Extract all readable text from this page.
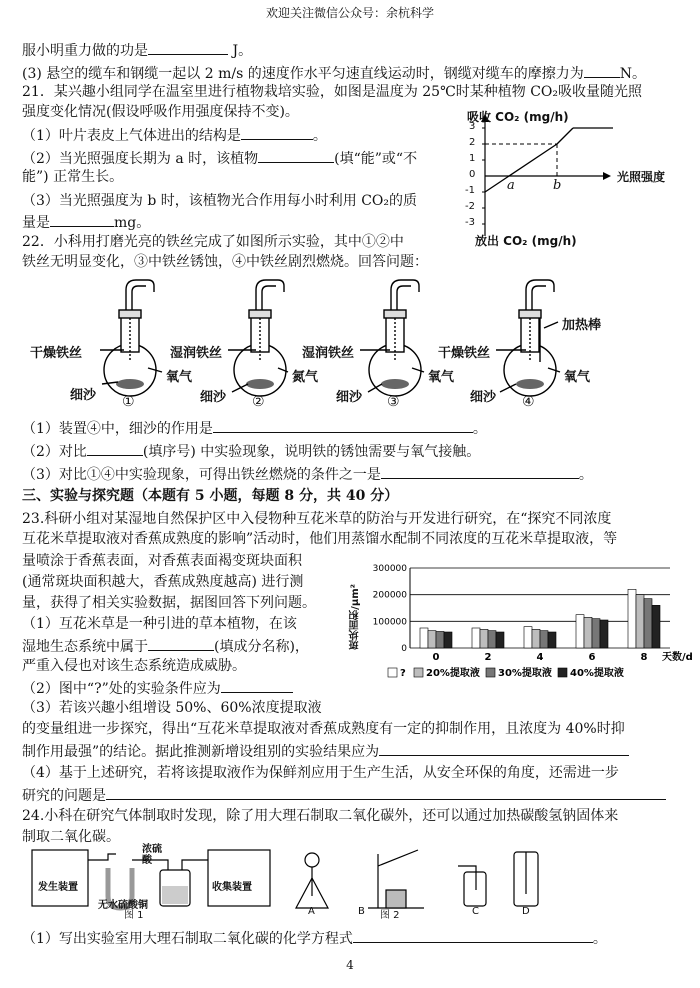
欢迎关注微信公众号：余杭科学
服小明重力做的功是	J。
(3) 悬空的缆车和钢缆一起以 2 m/s 的速度作水平匀速直线运动时，钢缆对缆车的摩擦力为	N。
21．某兴趣小组同学在温室里进行植物栽培实验，如图是温度为 25℃时某种植物 CO₂吸收量随光照
强度变化情况(假设呼吸作用强度保持不变)。
（1）叶片表皮上气体进出的结构是	。
（2）当光照强度长期为 a 时，该植物	(填“能”或“不
能”) 正常生长。
（3）当光照强度为 b 时，该植物光合作用每小时利用 CO₂的质
量是	mg。
吸收 CO₂ (mg/h)
放出 CO₂ (mg/h)
光照强度
3
2
1
0
-1
-2
-3
a	b
22．小科用打磨光亮的铁丝完成了如图所示实验，其中①②中
铁丝无明显变化，③中铁丝锈蚀，④中铁丝剧烈燃烧。回答问题：
干燥铁丝	湿润铁丝	湿润铁丝	干燥铁丝
加热棒
氧气	氮气	氧气	氧气
细沙	细沙	细沙	细沙
①	②	③	④
（1）装置④中，细沙的作用是	。
（2）对比	(填序号) 中实验现象，说明铁的锈蚀需要与氧气接触。
（3）对比①④中实验现象，可得出铁丝燃烧的条件之一是	。
三、实验与探究题（本题有 5 小题，每题 8 分，共 40 分）
23.科研小组对某湿地自然保护区中入侵物种互花米草的防治与开发进行研究，在“探究不同浓度
互花米草提取液对香蕉成熟度的影响”活动时，他们用蒸馏水配制不同浓度的互花米草提取液，等
量喷涂于香蕉表面，对香蕉表面褐变斑块面积
(通常斑块面积越大，香蕉成熟度越高) 进行测
量，获得了相关实验数据，据图回答下列问题。
（1）互花米草是一种引进的草本植物，在该
湿地生态系统中属于	(填成分名称)，
严重入侵也对该生态系统造成威胁。
（2）图中“?”处的实验条件应为
（3）若该兴趣小组增设 50%、60%浓度提取液
的变量组进一步探究，得出“互花米草提取液对香蕉成熟度有一定的抑制作用，且浓度为 40%时抑
制作用最强”的结论。据此推测新增设组别的实验结果应为
（4）基于上述研究，若将该提取液作为保鲜剂应用于生产生活，从安全环保的角度，还需进一步
研究的问题是
24.小科在研究气体制取时发现，除了用大理石制取二氧化碳外，还可以通过加热碳酸氢钠固体来
制取二氧化碳。
300000
200000
100000
0
0	2	4	6	8 天数/d
? 20%提取液 30%提取液 40%提取液
斑块面积/μm²
发生装置
无水硫酸铜
浓硫酸
收集装置
图 1	图 2
A	B	C	D
（1）写出实验室用大理石制取二氧化碳的化学方程式	。
4
